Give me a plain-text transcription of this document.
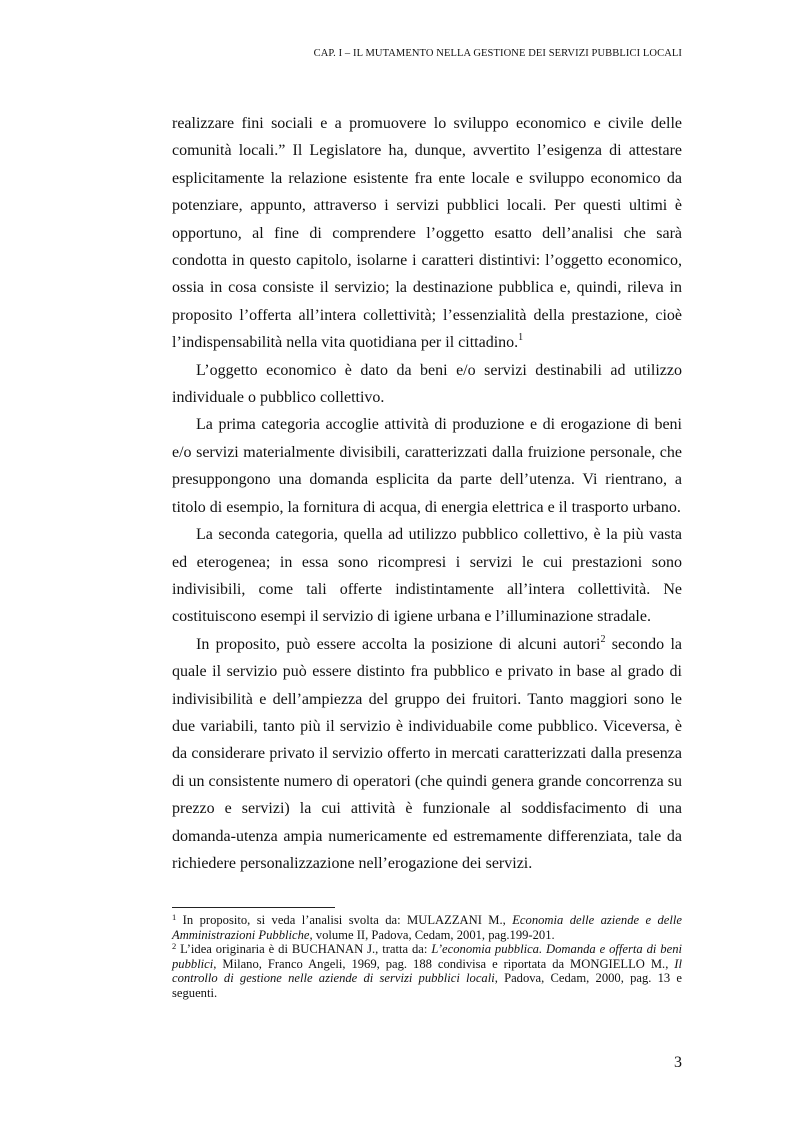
CAP. I – IL MUTAMENTO NELLA GESTIONE DEI SERVIZI PUBBLICI LOCALI

realizzare fini sociali e a promuovere lo sviluppo economico e civile delle comunità locali.” Il Legislatore ha, dunque, avvertito l’esigenza di attestare esplicitamente la relazione esistente fra ente locale e sviluppo economico da potenziare, appunto, attraverso i servizi pubblici locali. Per questi ultimi è opportuno, al fine di comprendere l’oggetto esatto dell’analisi che sarà condotta in questo capitolo, isolarne i caratteri distintivi: l’oggetto economico, ossia in cosa consiste il servizio; la destinazione pubblica e, quindi, rileva in proposito l’offerta all’intera collettività; l’essenzialità della prestazione, cioè l’indispensabilità nella vita quotidiana per il cittadino.$^1$

L’oggetto economico è dato da beni e/o servizi destinabili ad utilizzo individuale o pubblico collettivo.

La prima categoria accoglie attività di produzione e di erogazione di beni e/o servizi materialmente divisibili, caratterizzati dalla fruizione personale, che presuppongono una domanda esplicita da parte dell’utenza. Vi rientrano, a titolo di esempio, la fornitura di acqua, di energia elettrica e il trasporto urbano.

La seconda categoria, quella ad utilizzo pubblico collettivo, è la più vasta ed eterogenea; in essa sono ricompresi i servizi le cui prestazioni sono indivisibili, come tali offerte indistintamente all’intera collettività. Ne costituiscono esempi il servizio di igiene urbana e l’illuminazione stradale.

In proposito, può essere accolta la posizione di alcuni autori$^2$ secondo la quale il servizio può essere distinto fra pubblico e privato in base al grado di indivisibilità e dell’ampiezza del gruppo dei fruitori. Tanto maggiori sono le due variabili, tanto più il servizio è individuabile come pubblico. Viceversa, è da considerare privato il servizio offerto in mercati caratterizzati dalla presenza di un consistente numero di operatori (che quindi genera grande concorrenza su prezzo e servizi) la cui attività è funzionale al soddisfacimento di una domanda-utenza ampia numericamente ed estremamente differenziata, tale da richiedere personalizzazione nell’erogazione dei servizi.

$^1$ In proposito, si veda l’analisi svolta da: MULAZZANI M., Economia delle aziende e delle Amministrazioni Pubbliche, volume II, Padova, Cedam, 2001, pag.199-201.

$^2$ L’idea originaria è di BUCHANAN J., tratta da: L’economia pubblica. Domanda e offerta di beni pubblici, Milano, Franco Angeli, 1969, pag. 188 condivisa e riportata da MONGIELLO M., Il controllo di gestione nelle aziende di servizi pubblici locali, Padova, Cedam, 2000, pag. 13 e seguenti.

3
